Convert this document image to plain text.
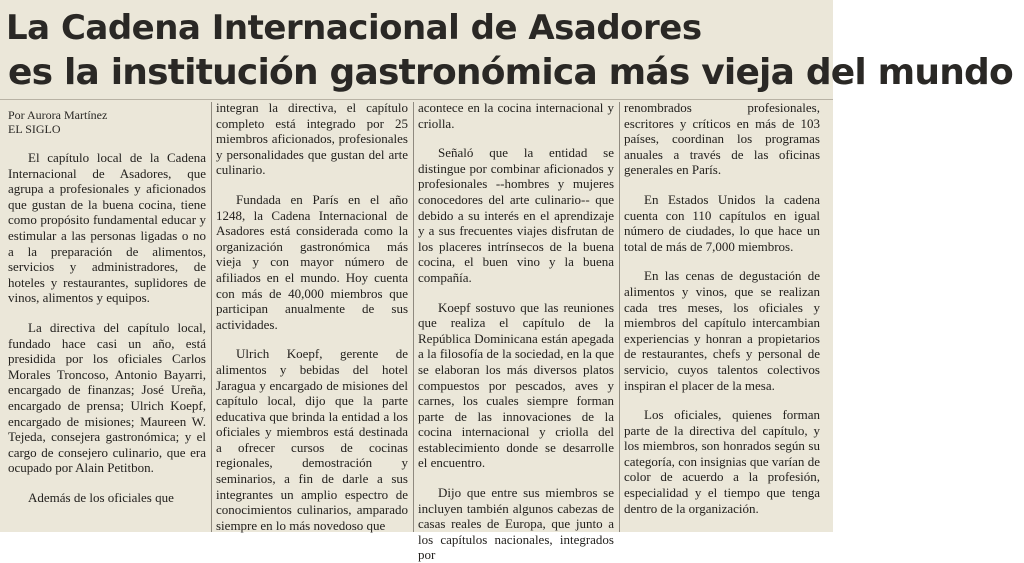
La Cadena Internacional de Asadores
es la institución gastronómica más vieja del mundo
Por Aurora Martínez
EL SIGLO

El capítulo local de la Cadena Internacional de Asadores, que agrupa a profesionales y aficionados que gustan de la buena cocina, tiene como propósito fundamental educar y estimular a las personas ligadas o no a la preparación de alimentos, servicios y administradores, de hoteles y restaurantes, suplidores de vinos, alimentos y equipos.

La directiva del capítulo local, fundado hace casi un año, está presidida por los oficiales Carlos Morales Troncoso, Antonio Bayarri, encargado de finanzas; José Ureña, encargado de prensa; Ulrich Koepf, encargado de misiones; Maureen W. Tejeda, consejera gastronómica; y el cargo de consejero culinario, que era ocupado por Alain Petitbon.

Además de los oficiales que

integran la directiva, el capítulo completo está integrado por 25 miembros aficionados, profesionales y personalidades que gustan del arte culinario.

Fundada en París en el año 1248, la Cadena Internacional de Asadores está considerada como la organización gastronómica más vieja y con mayor número de afiliados en el mundo. Hoy cuenta con más de 40,000 miembros que participan anualmente de sus actividades.

Ulrich Koepf, gerente de alimentos y bebidas del hotel Jaragua y encargado de misiones del capítulo local, dijo que la parte educativa que brinda la entidad a los oficiales y miembros está destinada a ofrecer cursos de cocinas regionales, demostración y seminarios, a fin de darle a sus integrantes un amplio espectro de conocimientos culinarios, amparado siempre en lo más novedoso que

acontece en la cocina internacional y criolla.

Señaló que la entidad se distingue por combinar aficionados y profesionales --hombres y mujeres conocedores del arte culinario-- que debido a su interés en el aprendizaje y a sus frecuentes viajes disfrutan de los placeres intrínsecos de la buena cocina, el buen vino y la buena compañía.

Koepf sostuvo que las reuniones que realiza el capítulo de la República Dominicana están apegada a la filosofía de la sociedad, en la que se elaboran los más diversos platos compuestos por pescados, aves y carnes, los cuales siempre forman parte de las innovaciones de la cocina internacional y criolla del establecimiento donde se desarrolle el encuentro.

Dijo que entre sus miembros se incluyen también algunos cabezas de casas reales de Europa, que junto a los capítulos nacionales, integrados por

renombrados profesionales, escritores y críticos en más de 103 países, coordinan los programas anuales a través de las oficinas generales en París.

En Estados Unidos la cadena cuenta con 110 capítulos en igual número de ciudades, lo que hace un total de más de 7,000 miembros.

En las cenas de degustación de alimentos y vinos, que se realizan cada tres meses, los oficiales y miembros del capítulo intercambian experiencias y honran a propietarios de restaurantes, chefs y personal de servicio, cuyos talentos colectivos inspiran el placer de la mesa.

Los oficiales, quienes forman parte de la directiva del capítulo, y los miembros, son honrados según su categoría, con insignias que varían de color de acuerdo a la profesión, especialidad y el tiempo que tenga dentro de la organización.
